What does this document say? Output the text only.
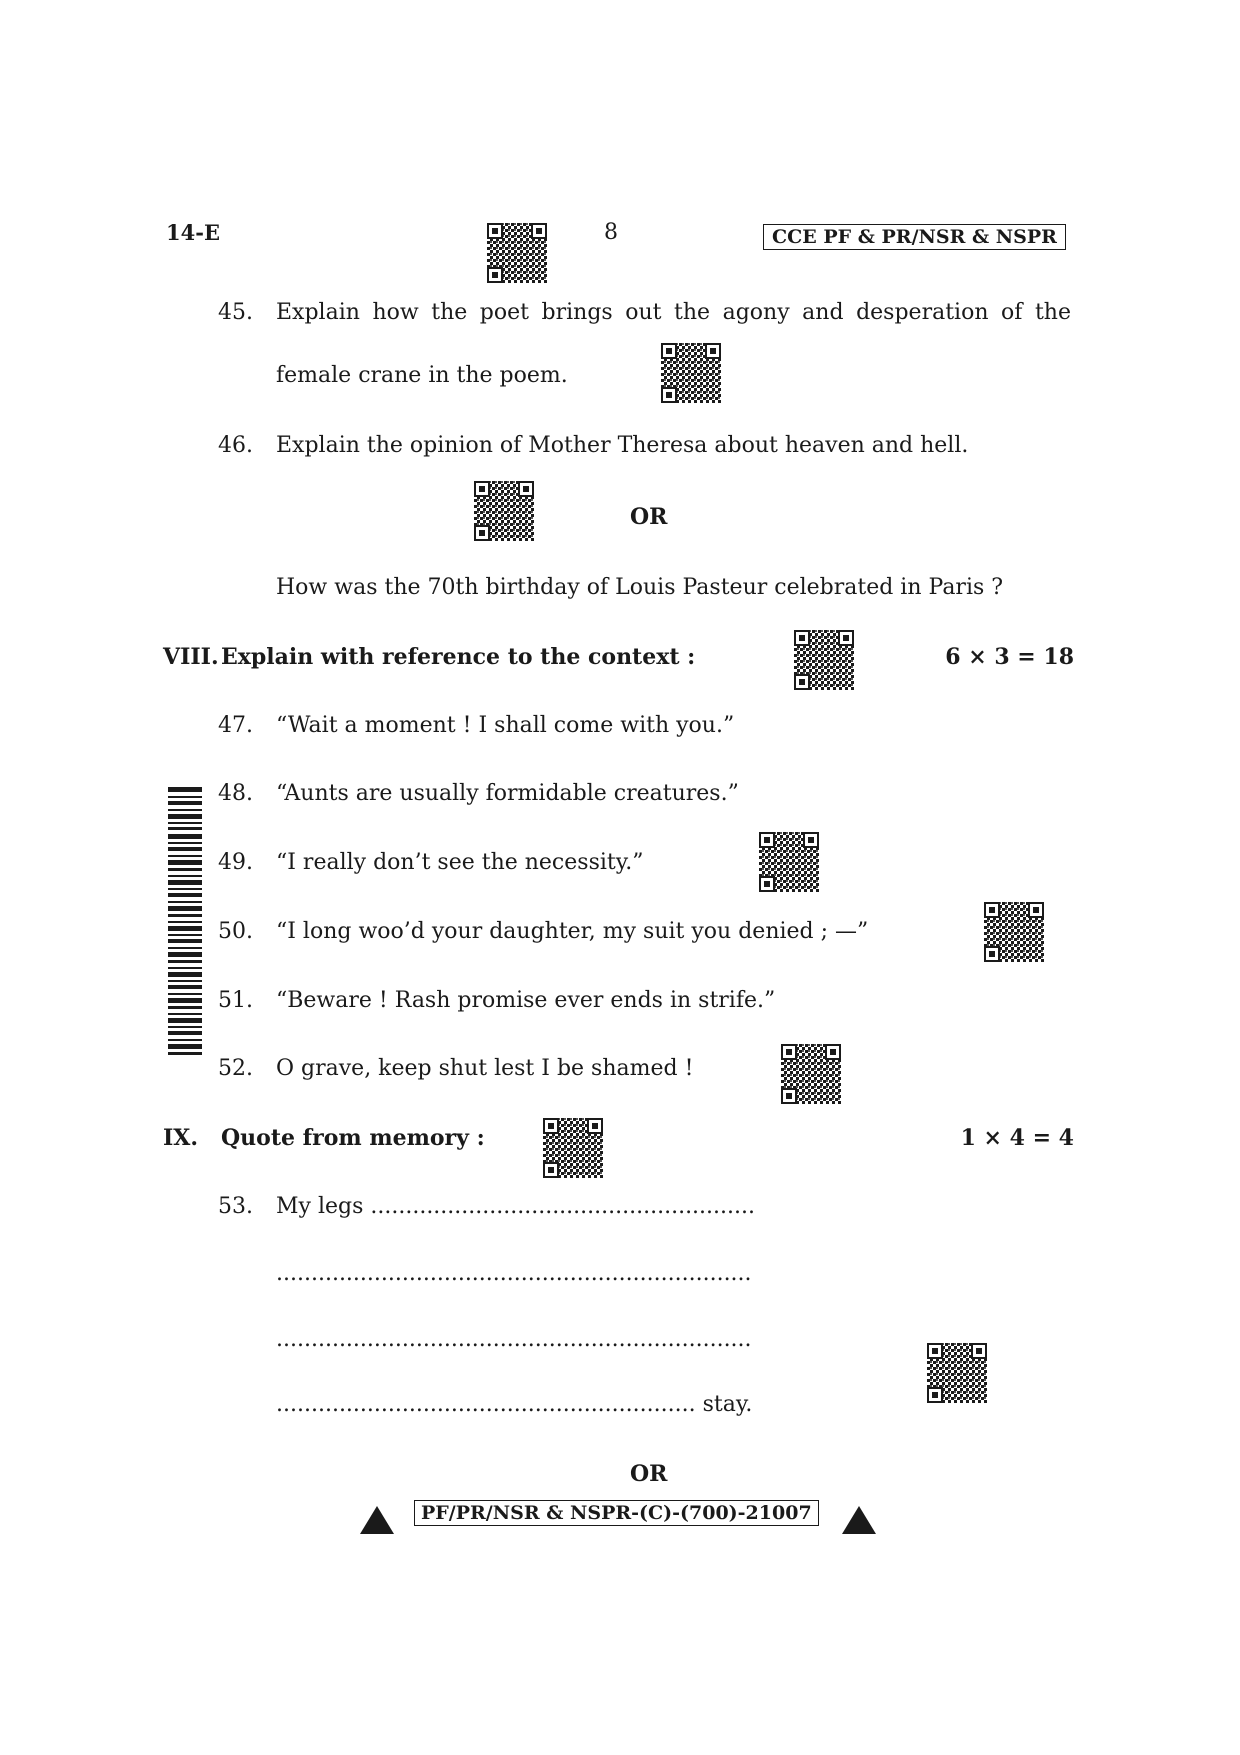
14-E	8	CCE PF & PR/NSR & NSPR
45. Explain how the poet brings out the agony and desperation of the
female crane in the poem.
46. Explain the opinion of Mother Theresa about heaven and hell.
OR
How was the 70th birthday of Louis Pasteur celebrated in Paris ?
VIII. Explain with reference to the context :	6 × 3 = 18
47. “Wait a moment ! I shall come with you.”
48. “Aunts are usually formidable creatures.”
49. “I really don’t see the necessity.”
50. “I long woo’d your daughter, my suit you denied ; —”
51. “Beware ! Rash promise ever ends in strife.”
52. O grave, keep shut lest I be shamed !
IX. Quote from memory :	1 × 4 = 4
53. My legs .......................................................
....................................................................
....................................................................
............................................................ stay.
OR
PF/PR/NSR & NSPR-(C)-(700)-21007
